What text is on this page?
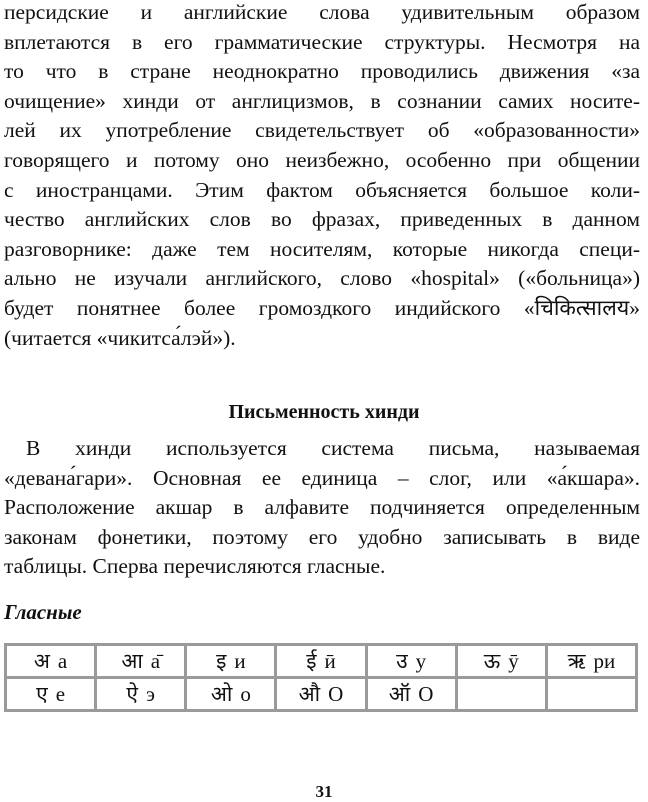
персидские и английские слова удивительным образом
вплетаются в его грамматические структуры. Несмотря на
то что в стране неоднократно проводились движения «за
очищение» хинди от англицизмов, в сознании самих носите-
лей их употребление свидетельствует об «образованности»
говорящего и потому оно неизбежно, особенно при общении
с иностранцами. Этим фактом объясняется большое коли-
чество английских слов во фразах, приведенных в данном
разговорнике: даже тем носителям, которые никогда специ-
ально не изучали английского, слово «hospital» («больница»)
будет понятнее более громоздкого индийского «चिकित्सालय»
(читается «чикитса́лэй»).

Письменность хинди

В хинди используется система письма, называемая
«девана́гари». Основная ее единица – слог, или «а́кшара».
Расположение акшар в алфавите подчиняется определенным
законам фонетики, поэтому его удобно записывать в виде
таблицы. Сперва перечисляются гласные.

Гласные
अ а	आ а̄	इ и	ई ӣ	उ у	ऊ ӯ	ऋ ри
ए е	ऐ э	ओ о	औ О	ऑ О		
31
